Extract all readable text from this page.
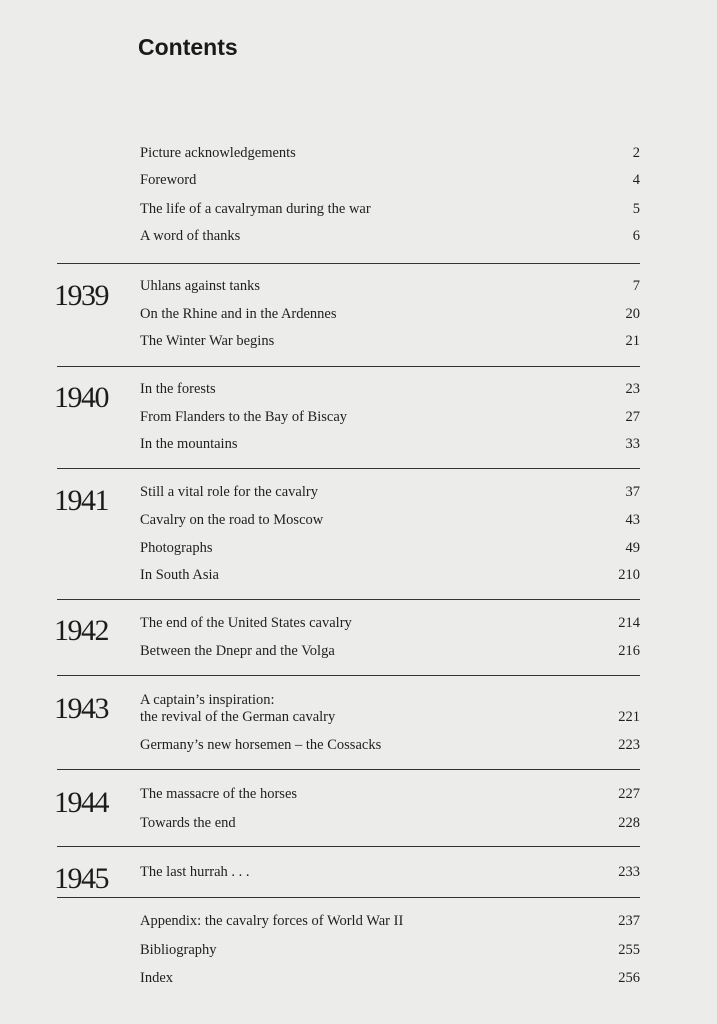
Contents
Picture acknowledgements	2
Foreword	4
The life of a cavalryman during the war	5
A word of thanks	6
1939 Uhlans against tanks	7
On the Rhine and in the Ardennes	20
The Winter War begins	21
1940 In the forests	23
From Flanders to the Bay of Biscay	27
In the mountains	33
1941 Still a vital role for the cavalry	37
Cavalry on the road to Moscow	43
Photographs	49
In South Asia	210
1942 The end of the United States cavalry	214
Between the Dnepr and the Volga	216
1943 A captain’s inspiration:
the revival of the German cavalry	221
Germany’s new horsemen – the Cossacks	223
1944 The massacre of the horses	227
Towards the end	228
1945 The last hurrah . . .	233
Appendix: the cavalry forces of World War II	237
Bibliography	255
Index	256
